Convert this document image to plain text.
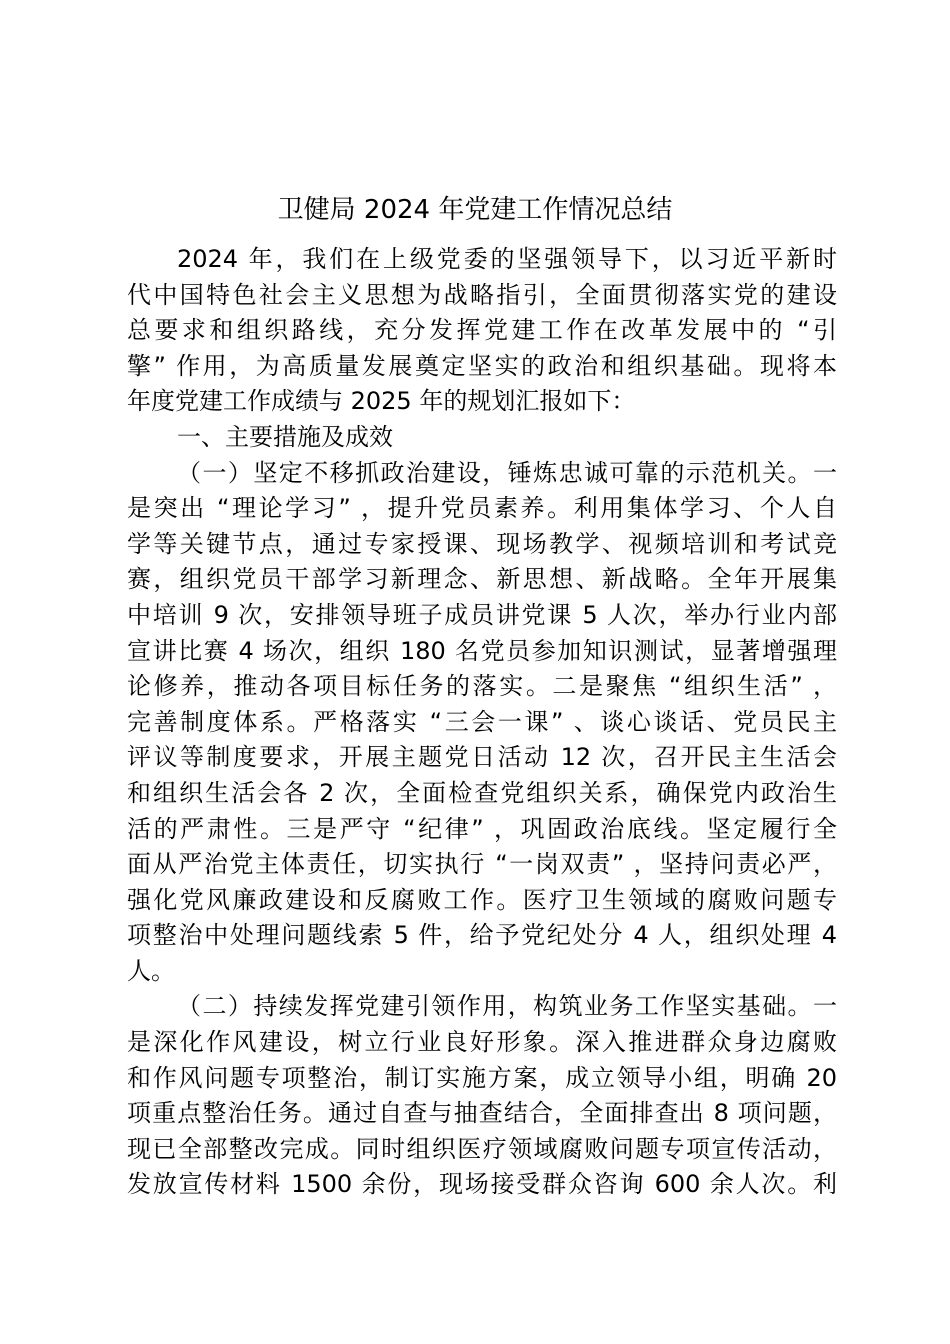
卫健局 2024 年党建工作情况总结
2024 年，我们在上级党委的坚强领导下，以习近平新时
代中国特色社会主义思想为战略指引，全面贯彻落实党的建设
总要求和组织路线，充分发挥党建工作在改革发展中的 “引
擎” 作用，为高质量发展奠定坚实的政治和组织基础。现将本
年度党建工作成绩与 2025 年的规划汇报如下：
一、主要措施及成效
（一）坚定不移抓政治建设，锤炼忠诚可靠的示范机关。一
是突出 “理论学习” ，提升党员素养。利用集体学习、个人自
学等关键节点，通过专家授课、现场教学、视频培训和考试竞
赛，组织党员干部学习新理念、新思想、新战略。全年开展集
中培训 9 次，安排领导班子成员讲党课 5 人次，举办行业内部
宣讲比赛 4 场次，组织 180 名党员参加知识测试，显著增强理
论修养，推动各项目标任务的落实。二是聚焦 “组织生活” ，
完善制度体系。严格落实 “三会一课” 、谈心谈话、党员民主
评议等制度要求，开展主题党日活动 12 次，召开民主生活会
和组织生活会各 2 次，全面检查党组织关系，确保党内政治生
活的严肃性。三是严守 “纪律” ，巩固政治底线。坚定履行全
面从严治党主体责任，切实执行 “一岗双责” ，坚持问责必严，
强化党风廉政建设和反腐败工作。医疗卫生领域的腐败问题专
项整治中处理问题线索 5 件，给予党纪处分 4 人，组织处理 4
人。
（二）持续发挥党建引领作用，构筑业务工作坚实基础。一
是深化作风建设，树立行业良好形象。深入推进群众身边腐败
和作风问题专项整治，制订实施方案，成立领导小组，明确 20
项重点整治任务。通过自查与抽查结合，全面排查出 8 项问题，
现已全部整改完成。同时组织医疗领域腐败问题专项宣传活动，
发放宣传材料 1500 余份，现场接受群众咨询 600 余人次。利
